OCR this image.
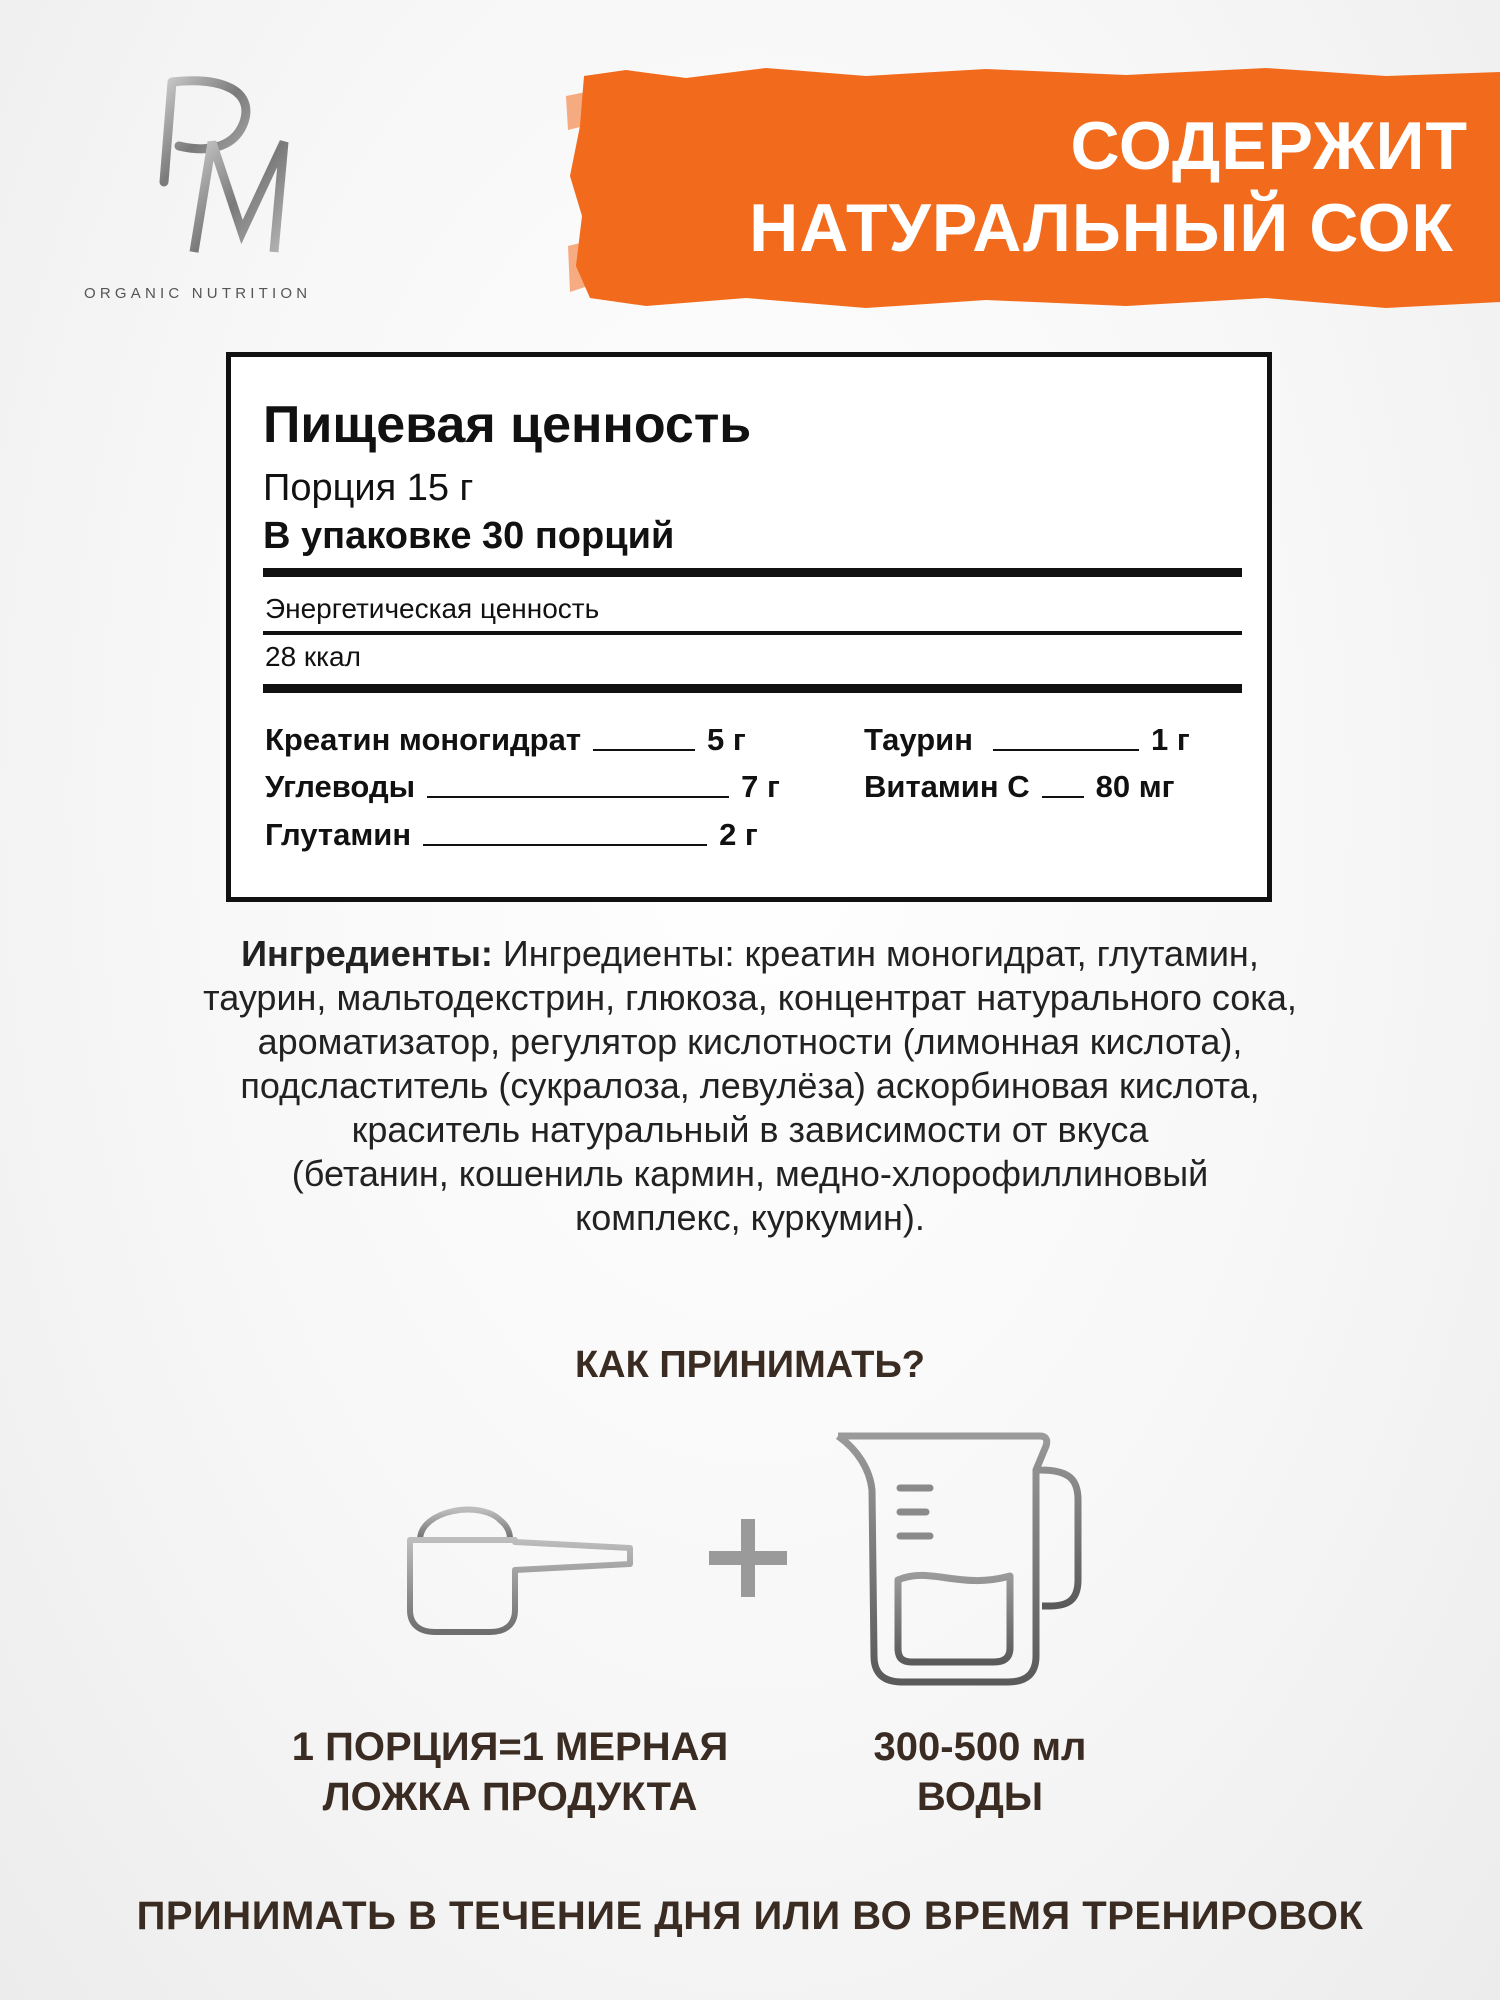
ORGANIC NUTRITION
СОДЕРЖИТ
НАТУРАЛЬНЫЙ СОК
Пищевая ценность
Порция 15 г
В упаковке 30 порций
Энергетическая ценность
28 ккал
Креатин моногидрат	5 г
Углеводы	7 г
Глутамин	2 г
Таурин	1 г
Витамин С 80 мг
Ингредиенты: Ингредиенты: креатин моногидрат, глутамин,
таурин, мальтодекстрин, глюкоза, концентрат натурального сока,
ароматизатор, регулятор кислотности (лимонная кислота),
подсластитель (сукралоза, левулёза) аскорбиновая кислота,
краситель натуральный в зависимости от вкуса
(бетанин, кошениль кармин, медно-хлорофиллиновый
комплекс, куркумин).
КАК ПРИНИМАТЬ?
1 ПОРЦИЯ=1 МЕРНАЯ
ЛОЖКА ПРОДУКТА
300-500 мл
ВОДЫ
ПРИНИМАТЬ В ТЕЧЕНИЕ ДНЯ ИЛИ ВО ВРЕМЯ ТРЕНИРОВОК
